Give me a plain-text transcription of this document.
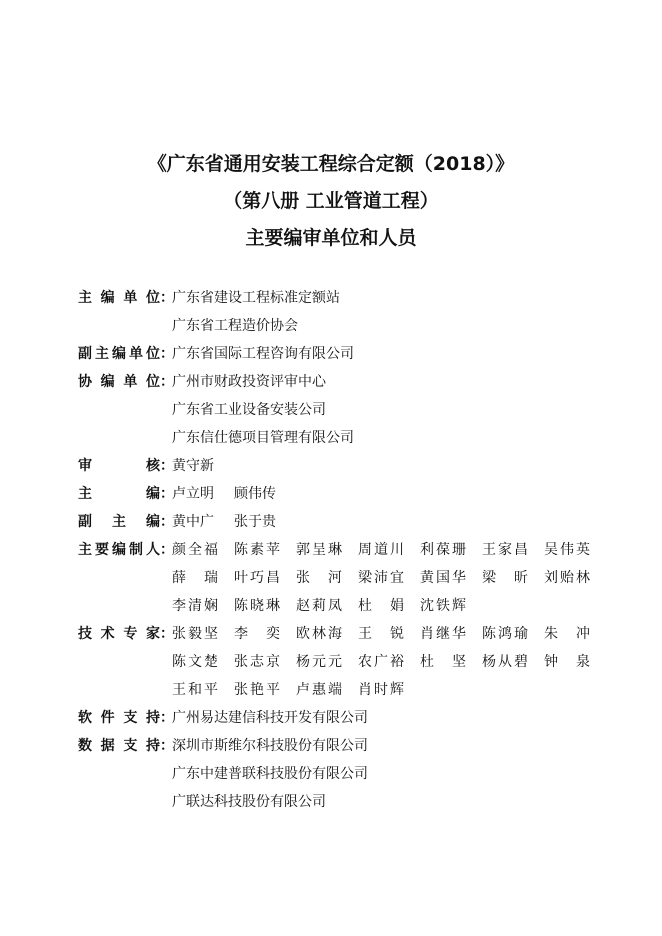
《广东省通用安装工程综合定额（2018）》
（第八册 工业管道工程）
主要编审单位和人员
主编单位 ：
广东省建设工程标准定额站
广东省工程造价协会
副主编单位 ：
广东省国际工程咨询有限公司
协编单位 ：
广州市财政投资评审中心
广东省工业设备安装公司
广东信仕德项目管理有限公司
审核 ：
黄守新
主编 ：
卢立明	顾伟传
副主编 ：
黄中广	张于贵
主要编制人 ：
颜全福 陈素苹 郭呈琳 周道川 利葆珊 王家昌 吴伟英
薛瑞 叶巧昌 张河 梁沛宜 黄国华 梁昕 刘贻林
李清娴 陈晓琳 赵莉凤 杜娟 沈铁辉
技术专家 ：
张毅坚 李奕 欧林海 王锐 肖继华 陈鸿瑜 朱冲
陈文楚 张志京 杨元元 农广裕 杜坚 杨从碧 钟泉
王和平 张艳平 卢惠端 肖时辉
软件支持 ：
广州易达建信科技开发有限公司
数据支持 ：
深圳市斯维尔科技股份有限公司
广东中建普联科技股份有限公司
广联达科技股份有限公司
